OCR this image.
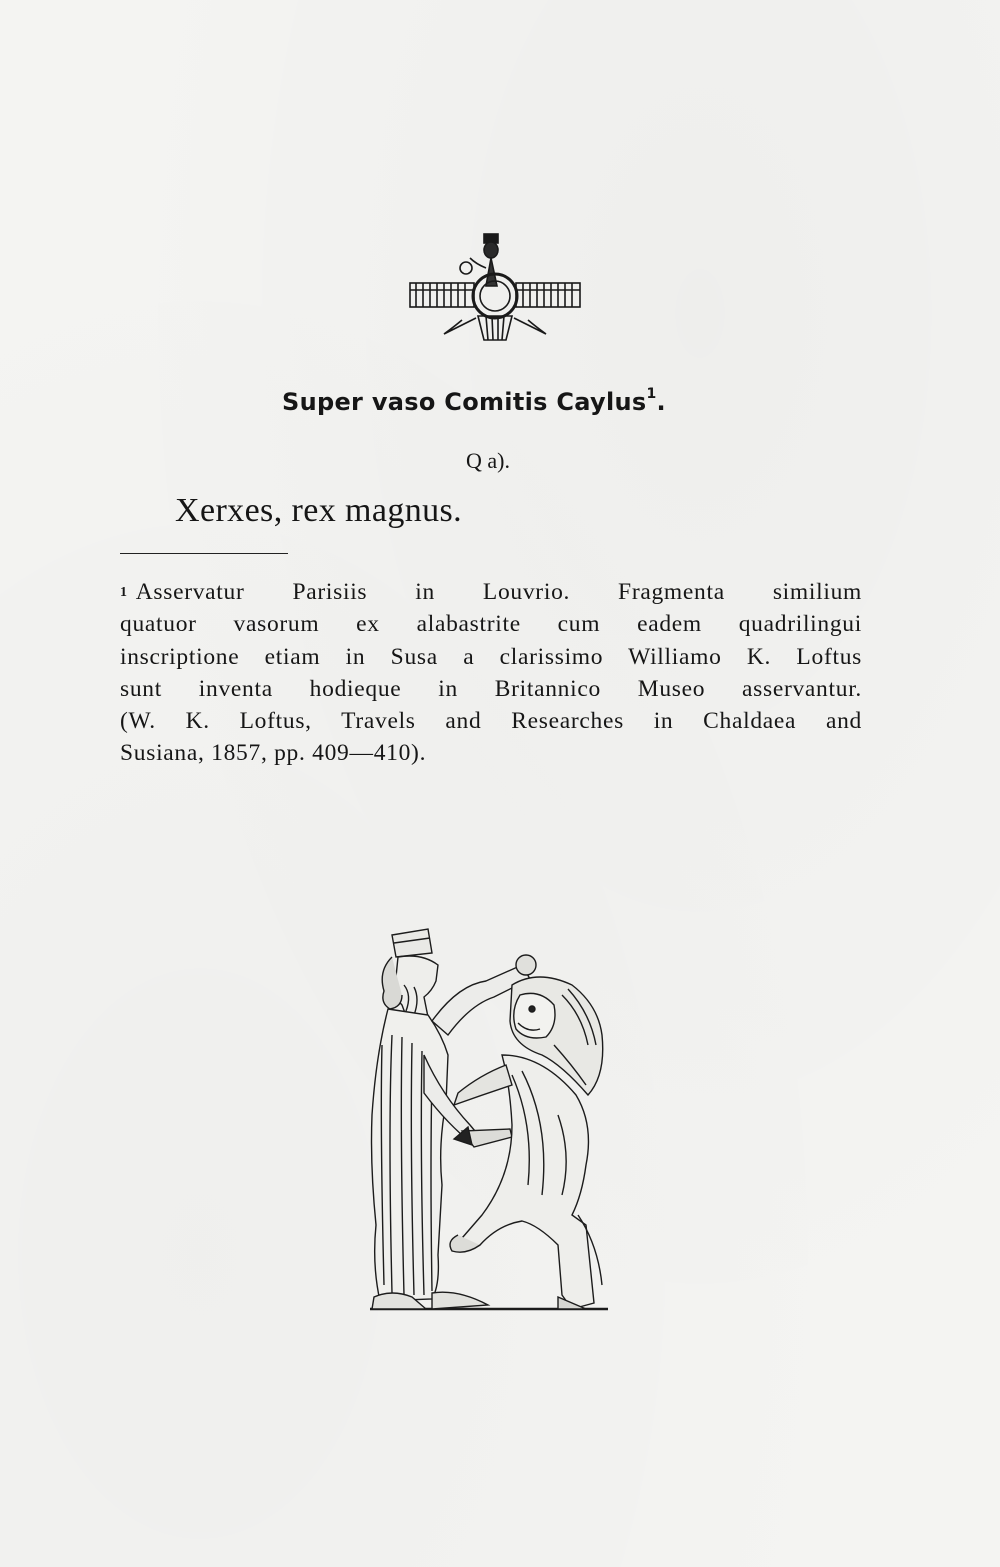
Super vaso Comitis Caylus$^1$.
Q a).
Xerxes, rex magnus.
$^1$ Asservatur Parisiis in Louvrio. Fragmenta similium
quatuor vasorum ex alabastrite cum eadem quadrilingui
inscriptione etiam in Susa a clarissimo Williamo K. Loftus
sunt inventa hodieque in Britannico Museo asservantur.
(W. K. Loftus, Travels and Researches in Chaldaea and
Susiana, 1857, pp. 409—410).
